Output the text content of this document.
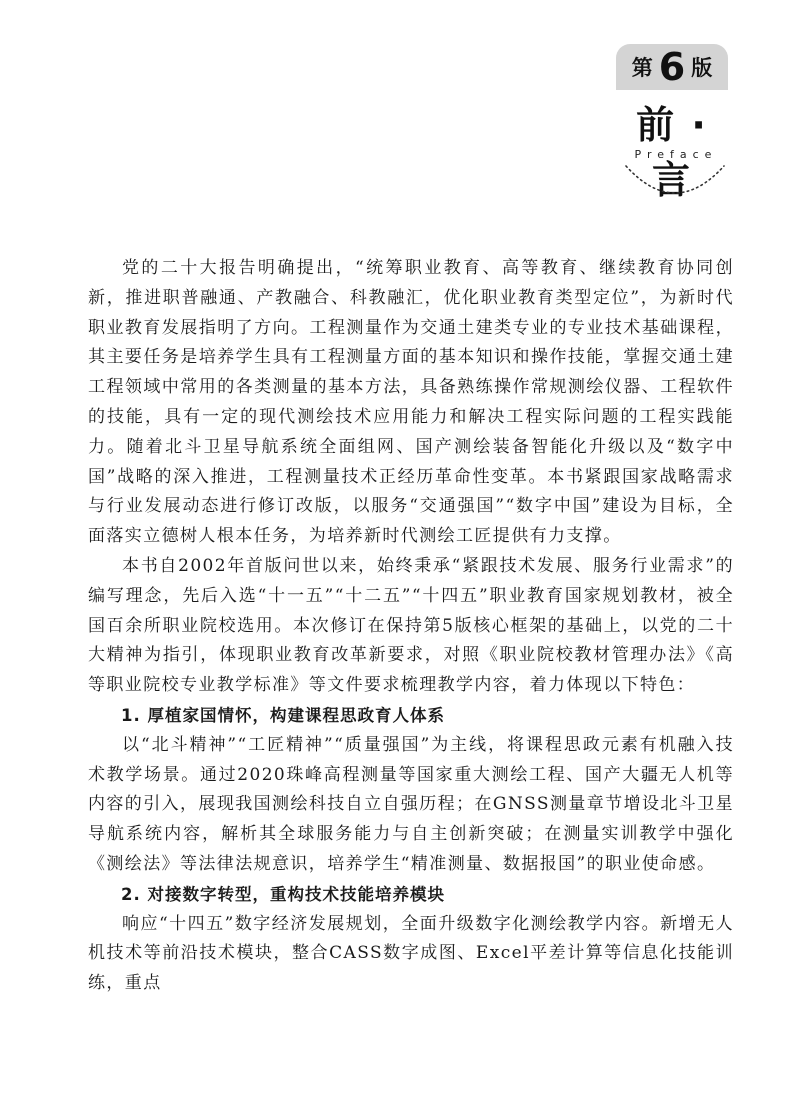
第 6 版
前 · 言
Preface

党的二十大报告明确提出，“统筹职业教育、高等教育、继续教育协同创新，推进职普融通、产教融合、科教融汇，优化职业教育类型定位”，为新时代职业教育发展指明了方向。工程测量作为交通土建类专业的专业技术基础课程，其主要任务是培养学生具有工程测量方面的基本知识和操作技能，掌握交通土建工程领域中常用的各类测量的基本方法，具备熟练操作常规测绘仪器、工程软件的技能，具有一定的现代测绘技术应用能力和解决工程实际问题的工程实践能力。随着北斗卫星导航系统全面组网、国产测绘装备智能化升级以及“数字中国”战略的深入推进，工程测量技术正经历革命性变革。本书紧跟国家战略需求与行业发展动态进行修订改版，以服务“交通强国”“数字中国”建设为目标，全面落实立德树人根本任务，为培养新时代测绘工匠提供有力支撑。

本书自2002年首版问世以来，始终秉承“紧跟技术发展、服务行业需求”的编写理念，先后入选“十一五”“十二五”“十四五”职业教育国家规划教材，被全国百余所职业院校选用。本次修订在保持第5版核心框架的基础上，以党的二十大精神为指引，体现职业教育改革新要求，对照《职业院校教材管理办法》《高等职业院校专业教学标准》等文件要求梳理教学内容，着力体现以下特色：

1. 厚植家国情怀，构建课程思政育人体系

以“北斗精神”“工匠精神”“质量强国”为主线，将课程思政元素有机融入技术教学场景。通过2020珠峰高程测量等国家重大测绘工程、国产大疆无人机等内容的引入，展现我国测绘科技自立自强历程；在GNSS测量章节增设北斗卫星导航系统内容，解析其全球服务能力与自主创新突破；在测量实训教学中强化《测绘法》等法律法规意识，培养学生“精准测量、数据报国”的职业使命感。

2. 对接数字转型，重构技术技能培养模块

响应“十四五”数字经济发展规划，全面升级数字化测绘教学内容。新增无人机技术等前沿技术模块，整合CASS数字成图、Excel平差计算等信息化技能训练，重点
